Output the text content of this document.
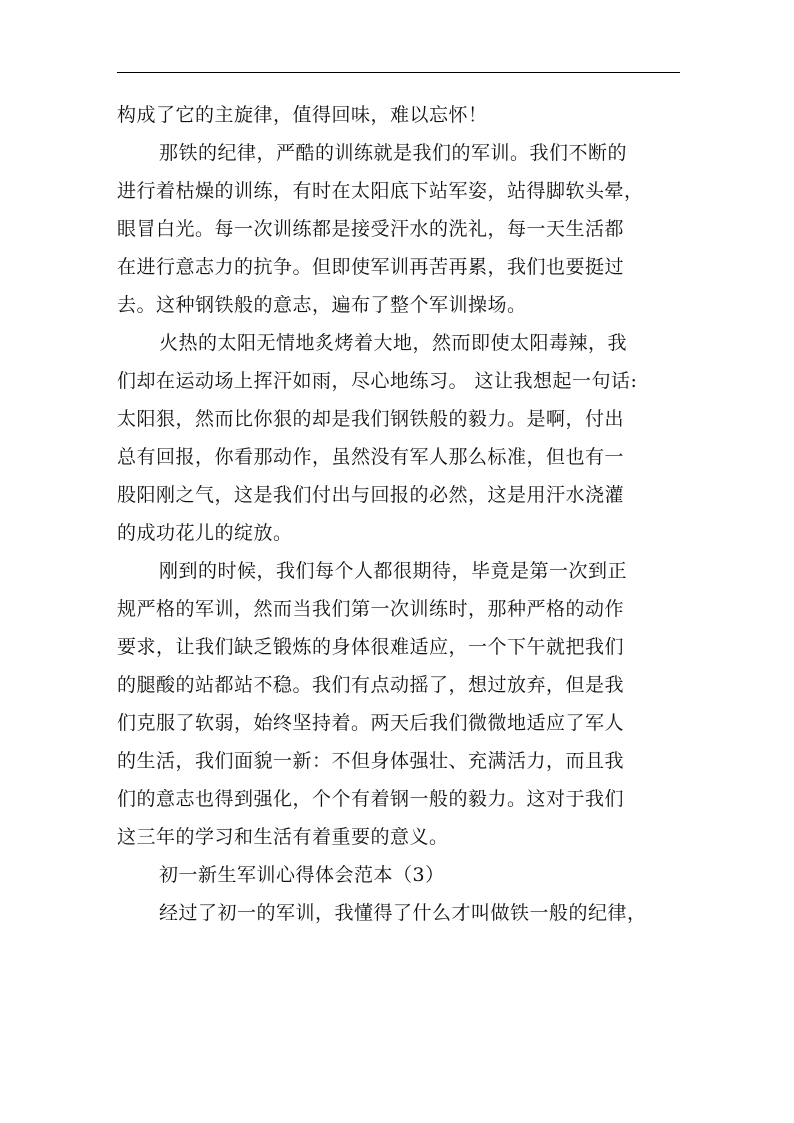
构成了它的主旋律，值得回味，难以忘怀！
那铁的纪律，严酷的训练就是我们的军训。我们不断的
进行着枯燥的训练，有时在太阳底下站军姿，站得脚软头晕，
眼冒白光。每一次训练都是接受汗水的洗礼，每一天生活都
在进行意志力的抗争。但即使军训再苦再累，我们也要挺过
去。这种钢铁般的意志，遍布了整个军训操场。
火热的太阳无情地炙烤着大地，然而即使太阳毒辣，我
们却在运动场上挥汗如雨，尽心地练习。 这让我想起一句话:
太阳狠，然而比你狠的却是我们钢铁般的毅力。是啊，付出
总有回报，你看那动作，虽然没有军人那么标准，但也有一
股阳刚之气，这是我们付出与回报的必然，这是用汗水浇灌
的成功花儿的绽放。
刚到的时候，我们每个人都很期待，毕竟是第一次到正
规严格的军训，然而当我们第一次训练时，那种严格的动作
要求，让我们缺乏锻炼的身体很难适应，一个下午就把我们
的腿酸的站都站不稳。我们有点动摇了，想过放弃，但是我
们克服了软弱，始终坚持着。两天后我们微微地适应了军人
的生活，我们面貌一新：不但身体强壮、充满活力，而且我
们的意志也得到强化，个个有着钢一般的毅力。这对于我们
这三年的学习和生活有着重要的意义。
初一新生军训心得体会范本（3）
经过了初一的军训，我懂得了什么才叫做铁一般的纪律，
